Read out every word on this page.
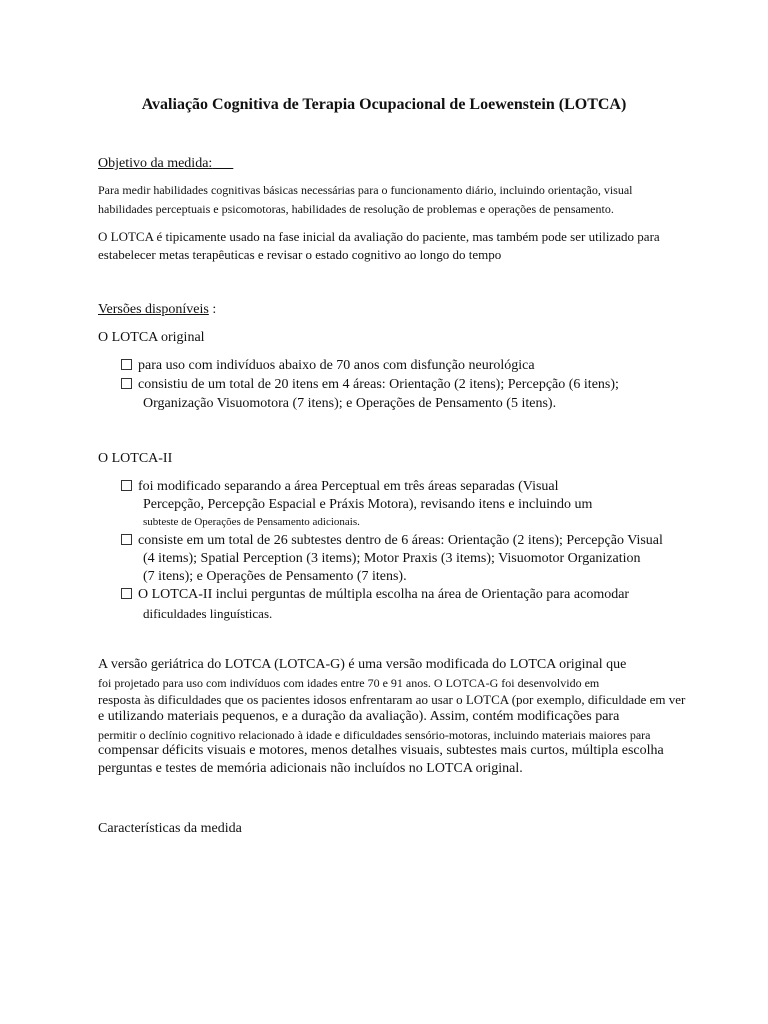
Avaliação Cognitiva de Terapia Ocupacional de Loewenstein (LOTCA)
Objetivo da medida:
Para medir habilidades cognitivas básicas necessárias para o funcionamento diário, incluindo orientação, visual
habilidades perceptuais e psicomotoras, habilidades de resolução de problemas e operações de pensamento.
O LOTCA é tipicamente usado na fase inicial da avaliação do paciente, mas também pode ser utilizado para
estabelecer metas terapêuticas e revisar o estado cognitivo ao longo do tempo
Versões disponíveis :
O LOTCA original
para uso com indivíduos abaixo de 70 anos com disfunção neurológica
consistiu de um total de 20 itens em 4 áreas: Orientação (2 itens); Percepção (6 itens);
Organização Visuomotora (7 itens); e Operações de Pensamento (5 itens).
O LOTCA-II
foi modificado separando a área Perceptual em três áreas separadas (Visual
Percepção, Percepção Espacial e Práxis Motora), revisando itens e incluindo um
subteste de Operações de Pensamento adicionais.
consiste em um total de 26 subtestes dentro de 6 áreas: Orientação (2 itens); Percepção Visual
(4 items); Spatial Perception (3 items); Motor Praxis (3 items); Visuomotor Organization
(7 itens); e Operações de Pensamento (7 itens).
O LOTCA-II inclui perguntas de múltipla escolha na área de Orientação para acomodar
dificuldades linguísticas.
A versão geriátrica do LOTCA (LOTCA-G) é uma versão modificada do LOTCA original que
foi projetado para uso com indivíduos com idades entre 70 e 91 anos. O LOTCA-G foi desenvolvido em
resposta às dificuldades que os pacientes idosos enfrentaram ao usar o LOTCA (por exemplo, dificuldade em ver
e utilizando materiais pequenos, e a duração da avaliação). Assim, contém modificações para
permitir o declínio cognitivo relacionado à idade e dificuldades sensório-motoras, incluindo materiais maiores para
compensar déficits visuais e motores, menos detalhes visuais, subtestes mais curtos, múltipla escolha
perguntas e testes de memória adicionais não incluídos no LOTCA original.
Características da medida
